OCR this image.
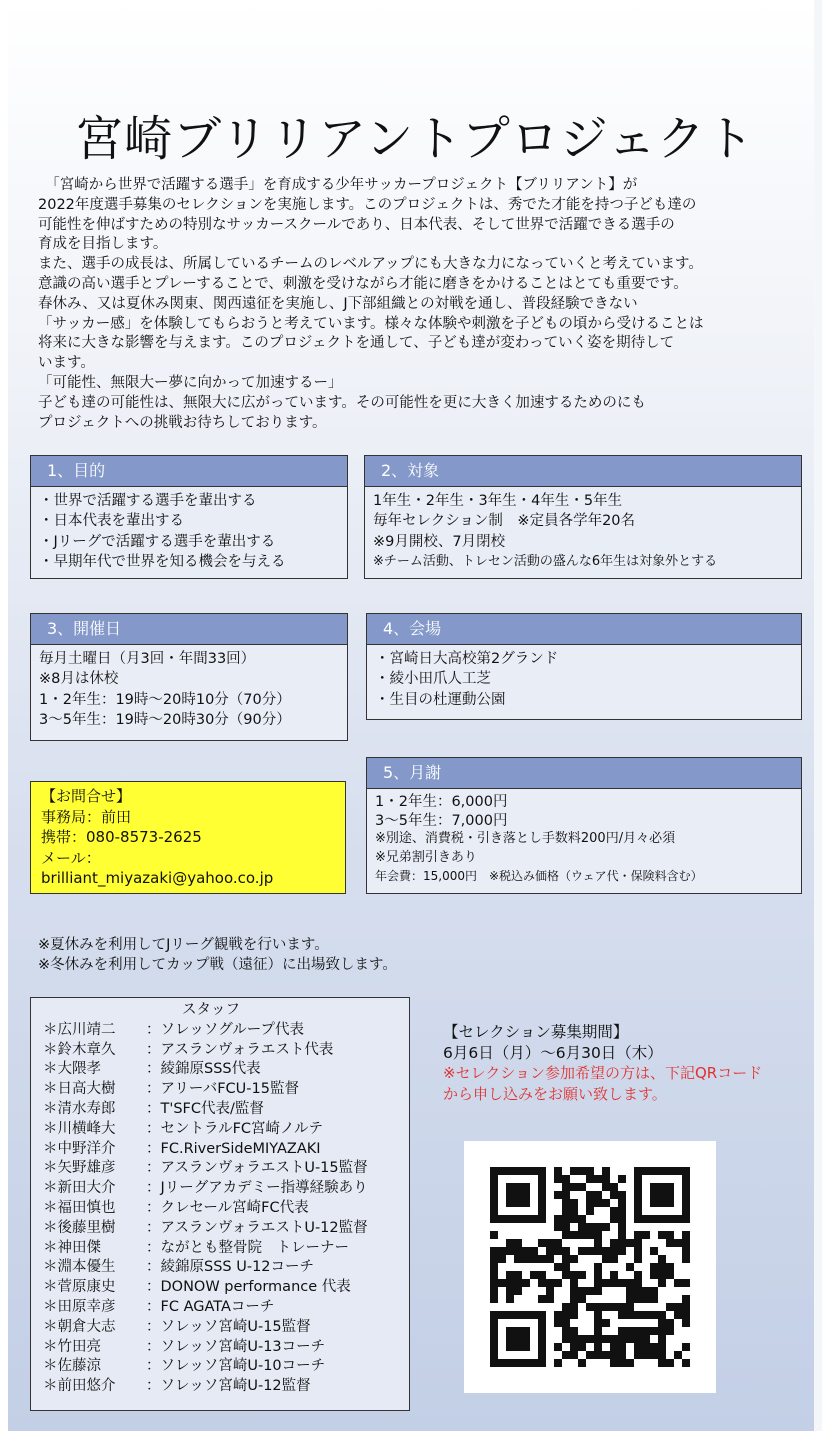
宮崎ブリリアントプロジェクト

　「宮崎から世界で活躍する選手」を育成する少年サッカープロジェクト【ブリリアント】が

2022年度選手募集のセレクションを実施します。このプロジェクトは、秀でた才能を持つ子ども達の

可能性を伸ばすための特別なサッカースクールであり、日本代表、そして世界で活躍できる選手の

育成を目指します。

また、選手の成長は、所属しているチームのレベルアップにも大きな力になっていくと考えています。

意識の高い選手とプレーすることで、刺激を受けながら才能に磨きをかけることはとても重要です。

春休み、又は夏休み関東、関西遠征を実施し、J下部組織との対戦を通し、普段経験できない

「サッカー感」を体験してもらおうと考えています。様々な体験や刺激を子どもの頃から受けることは

将来に大きな影響を与えます。このプロジェクトを通して、子ども達が変わっていく姿を期待して

います。

「可能性、無限大ー夢に向かって加速するー」

子ども達の可能性は、無限大に広がっています。その可能性を更に大きく加速するためのにも

プロジェクトへの挑戦お待ちしております。

1、目的
・世界で活躍する選手を輩出する
・日本代表を輩出する
・Jリーグで活躍する選手を輩出する
・早期年代で世界を知る機会を与える
2、対象
1年生・2年生・3年生・4年生・5年生
毎年セレクション制　※定員各学年20名
※9月開校、7月閉校
※チーム活動、トレセン活動の盛んな6年生は対象外とする
3、開催日
毎月土曜日（月3回・年間33回）
※8月は休校
1・2年生：19時～20時10分（70分）
3～5年生：19時～20時30分（90分）
4、会場
・宮崎日大高校第2グランド
・綾小田爪人工芝
・生目の杜運動公園
5、月謝
1・2年生：6,000円
3～5年生：7,000円
※別途、消費税・引き落とし手数料200円/月々必須
※兄弟割引きあり
年会費：15,000円　※税込み価格（ウェア代・保険料含む）
【お問合せ】
事務局：前田
携帯：080-8573-2625
メール：
brilliant_miyazaki@yahoo.co.jp
※夏休みを利用してJリーグ観戦を行います。
※冬休みを利用してカップ戦（遠征）に出場致します。
スタッフ
＊広川靖二	：ソレッソグループ代表
＊鈴木章久	：アスランヴォラエスト代表
＊大隈孝	：綾錦原SSS代表
＊日高大樹	：アリーバFCU-15監督
＊清水寿郎	：T'SFC代表/監督
＊川横峰大	：セントラルFC宮崎ノルテ
＊中野洋介	：FC.RiverSideMIYAZAKI
＊矢野雄彦	：アスランヴォラエストU-15監督
＊新田大介	：Jリーグアカデミー指導経験あり
＊福田慎也	：クレセール宮崎FC代表
＊後藤里樹	：アスランヴォラエストU-12監督
＊神田傑	：ながとも整骨院　トレーナー
＊淵本優生	：綾錦原SSS U-12コーチ
＊菅原康史	：DONOW performance 代表
＊田原幸彦	：FC AGATAコーチ
＊朝倉大志	：ソレッソ宮崎U-15監督
＊竹田亮	：ソレッソ宮崎U-13コーチ
＊佐藤涼	：ソレッソ宮崎U-10コーチ
＊前田悠介	：ソレッソ宮崎U-12監督
【セレクション募集期間】
6月6日（月）～6月30日（木）
※セレクション参加希望の方は、下記QRコード
から申し込みをお願い致します。
